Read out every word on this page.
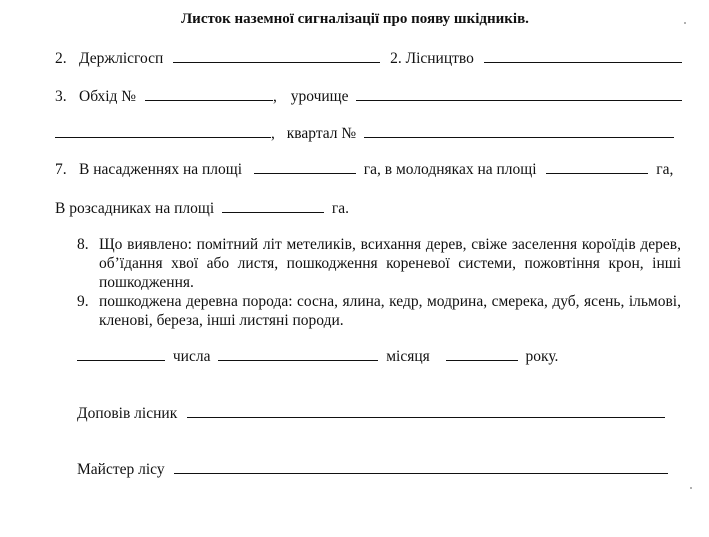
Листок наземної сигналізації про появу шкідників.
2. Держлісгосп	2. Лісництво
3. Обхід №	, урочище
, квартал №
7. В насадженнях на площі	га, в молодняках на площі	га,
В розсадниках на площі	га.
8. Що виявлено: помітний літ метеликів, всихання дерев, свіже заселення короїдів дерев, об’їдання хвої або листя, пошкодження кореневої системи, пожовтіння крон, інші пошкодження.
9. пошкоджена деревна порода: сосна, ялина, кедр, модрина, смерека, дуб, ясень, ільмові, кленові, береза, інші листяні породи.
числа	місяця	року.
Доповів лісник
Майстер лісу
